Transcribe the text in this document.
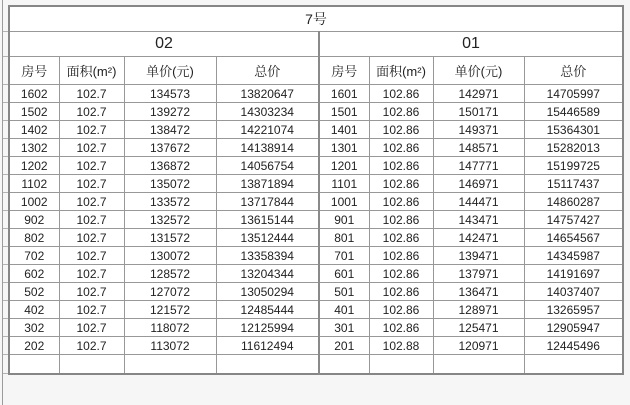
7号							
02				01			
房号	面积(m²)	单价(元)	总价	房号	面积(m²)	单价(元)	总价
1602	102.7	134573	13820647	1601	102.86	142971	14705997
1502	102.7	139272	14303234	1501	102.86	150171	15446589
1402	102.7	138472	14221074	1401	102.86	149371	15364301
1302	102.7	137672	14138914	1301	102.86	148571	15282013
1202	102.7	136872	14056754	1201	102.86	147771	15199725
1102	102.7	135072	13871894	1101	102.86	146971	15117437
1002	102.7	133572	13717844	1001	102.86	144471	14860287
902	102.7	132572	13615144	901	102.86	143471	14757427
802	102.7	131572	13512444	801	102.86	142471	14654567
702	102.7	130072	13358394	701	102.86	139471	14345987
602	102.7	128572	13204344	601	102.86	137971	14191697
502	102.7	127072	13050294	501	102.86	136471	14037407
402	102.7	121572	12485444	401	102.86	128971	13265957
302	102.7	118072	12125994	301	102.86	125471	12905947
202	102.7	113072	11612494	201	102.88	120971	12445496
